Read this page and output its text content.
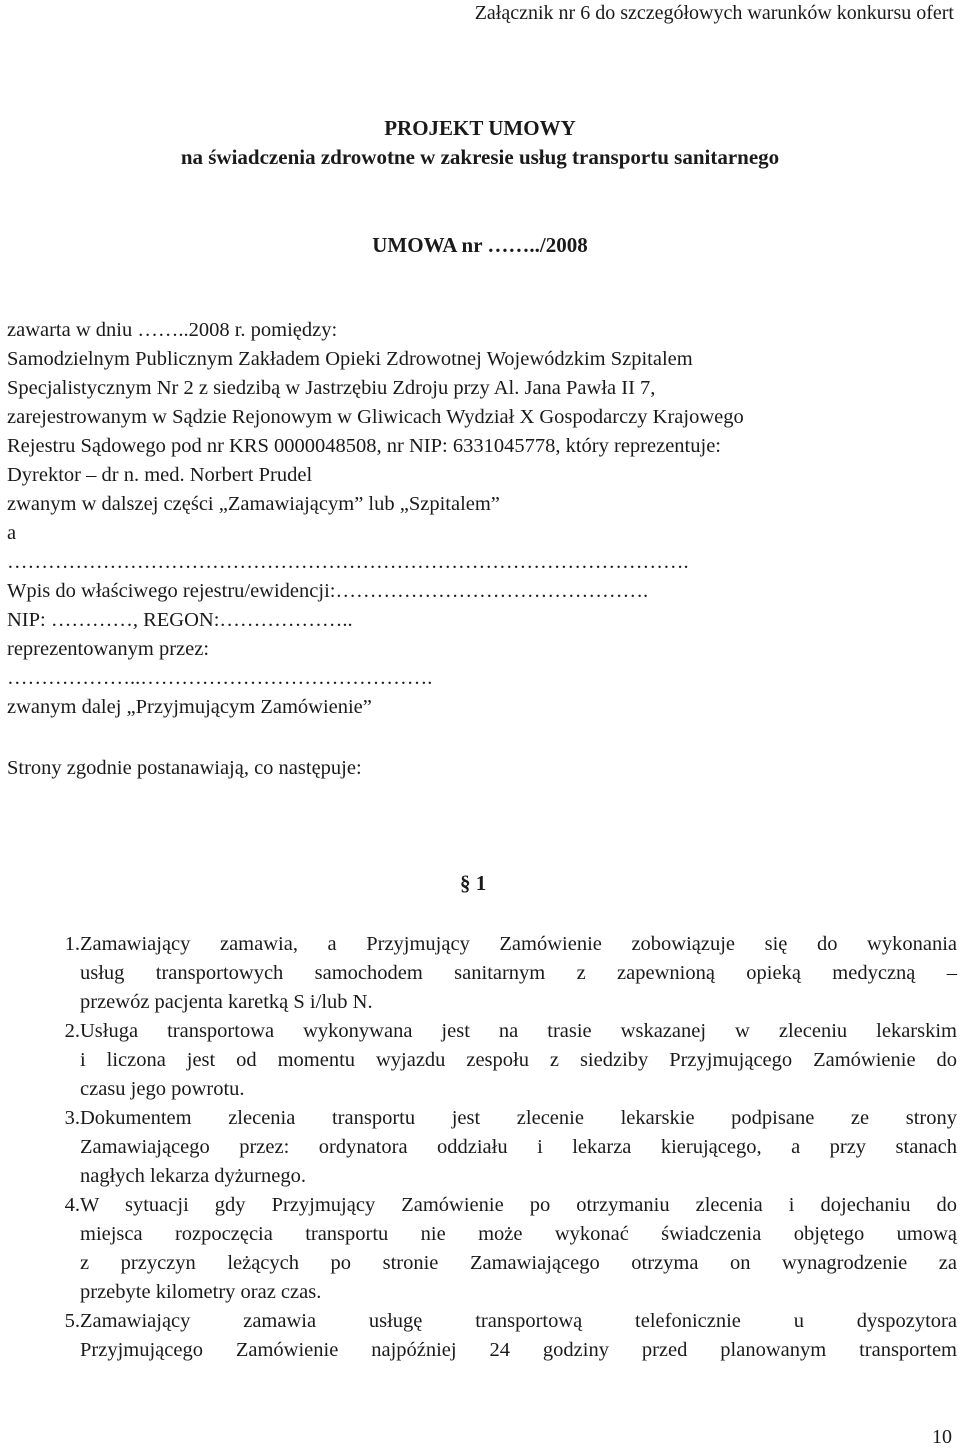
Załącznik nr 6 do szczegółowych warunków konkursu ofert
PROJEKT UMOWY
na świadczenia zdrowotne w zakresie usług transportu sanitarnego
UMOWA nr ……../2008
zawarta w dniu ……..2008 r. pomiędzy:
Samodzielnym Publicznym Zakładem Opieki Zdrowotnej Wojewódzkim Szpitalem
Specjalistycznym Nr 2 z siedzibą w Jastrzębiu Zdroju przy Al. Jana Pawła II 7,
zarejestrowanym w Sądzie Rejonowym w Gliwicach Wydział X Gospodarczy Krajowego
Rejestru Sądowego pod nr KRS 0000048508, nr NIP: 6331045778, który reprezentuje:
Dyrektor – dr n. med. Norbert Prudel
zwanym w dalszej części „Zamawiającym” lub „Szpitalem”
a
……………………………………………………………………………………….
Wpis do właściwego rejestru/ewidencji:……………………………………….
NIP: …………, REGON:………………..
reprezentowanym przez:
………………..…………………………………….
zwanym dalej „Przyjmującym Zamówienie”
Strony zgodnie postanawiają, co następuje:
§ 1
1. Zamawiający zamawia, a Przyjmujący Zamówienie zobowiązuje się do wykonania
usług transportowych samochodem sanitarnym z zapewnioną opieką medyczną –
przewóz pacjenta karetką S i/lub N.
2. Usługa transportowa wykonywana jest na trasie wskazanej w zleceniu lekarskim
i liczona jest od momentu wyjazdu zespołu z siedziby Przyjmującego Zamówienie do
czasu jego powrotu.
3. Dokumentem zlecenia transportu jest zlecenie lekarskie podpisane ze strony
Zamawiającego przez: ordynatora oddziału i lekarza kierującego, a przy stanach
nagłych lekarza dyżurnego.
4. W sytuacji gdy Przyjmujący Zamówienie po otrzymaniu zlecenia i dojechaniu do
miejsca rozpoczęcia transportu nie może wykonać świadczenia objętego umową
z przyczyn leżących po stronie Zamawiającego otrzyma on wynagrodzenie za
przebyte kilometry oraz czas.
5. Zamawiający zamawia usługę transportową telefonicznie u dyspozytora
Przyjmującego Zamówienie najpóźniej 24 godziny przed planowanym transportem
10
